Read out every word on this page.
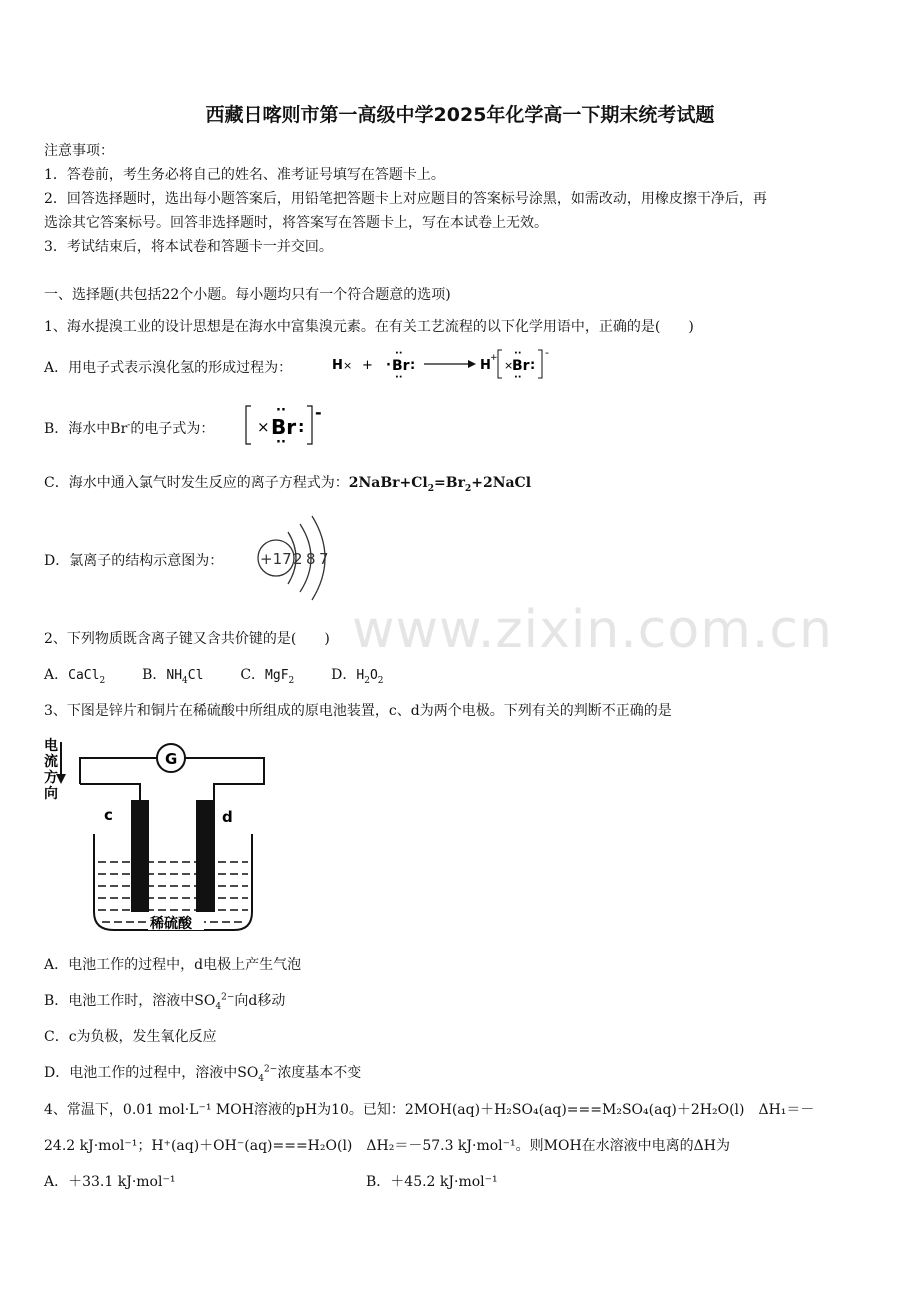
西藏日喀则市第一高级中学2025年化学高一下期末统考试题
注意事项：
1．答卷前，考生务必将自己的姓名、准考证号填写在答题卡上。
2．回答选择题时，选出每小题答案后，用铅笔把答题卡上对应题目的答案标号涂黑，如需改动，用橡皮擦干净后，再
选涂其它答案标号。回答非选择题时，将答案写在答题卡上，写在本试卷上无效。
3．考试结束后，将本试卷和答题卡一并交回。
一、选择题(共包括22个小题。每小题均只有一个符合题意的选项)
1、海水提溴工业的设计思想是在海水中富集溴元素。在有关工艺流程的以下化学用语中，正确的是(　　)
A．用电子式表示溴化氢的形成过程为：	H × + · Br
··
··
:	H +
×
Br
··
··
:
-
B．海水中Br-的电子式为：	× Br
··
··
:
-
C．海水中通入氯气时发生反应的离子方程式为：$2NaBr+Cl_2=Br_2+2NaCl$
D．氯离子的结构示意图为： +17 2 8 7
www.zixin.com.cn
2、下列物质既含离子键又含共价键的是(　　)
A．CaCl$_2$	B．$NH_4Cl$	C．MgF$_2$	D．$H_2O_2$
3、下图是锌片和铜片在稀硫酸中所组成的原电池装置，c、d为两个电极。下列有关的判断不正确的是
电
流
方
向
G
c	d
稀硫酸
A．电池工作的过程中，d电极上产生气泡
B．电池工作时，溶液中$SO_4^{2-}$向d移动
C．c为负极，发生氧化反应
D．电池工作的过程中，溶液中$SO_4^{2-}$浓度基本不变
4、常温下，0.01 mol·L⁻¹ MOH溶液的pH为10。已知：2MOH(aq)＋H₂SO₄(aq)===M₂SO₄(aq)＋2H₂O(l)　ΔH₁＝－
24.2 kJ·mol⁻¹；H⁺(aq)＋OH⁻(aq)===H₂O(l)　ΔH₂＝－57.3 kJ·mol⁻¹。则MOH在水溶液中电离的ΔH为
A．＋33.1 kJ·mol⁻¹	B．＋45.2 kJ·mol⁻¹
